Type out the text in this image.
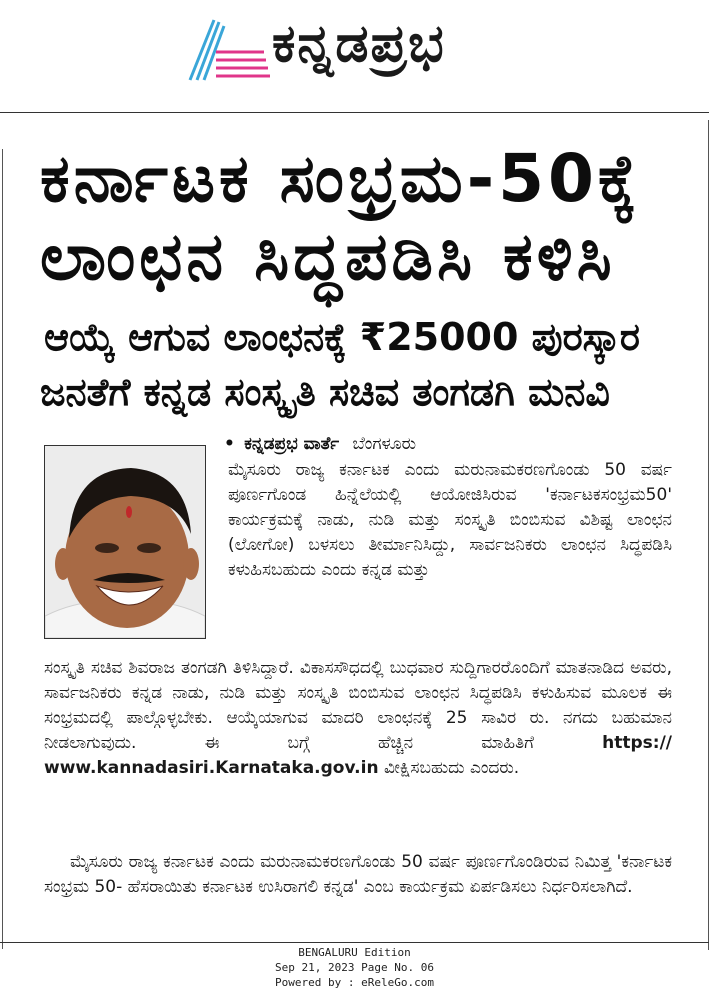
ಕನ್ನಡಪ್ರಭ
ಕರ್ನಾಟಕ ಸಂಭ್ರಮ-50ಕ್ಕೆ
ಲಾಂಛನ ಸಿದ್ಧಪಡಿಸಿ ಕಳಿಸಿ
ಆಯ್ಕೆ ಆಗುವ ಲಾಂಛನಕ್ಕೆ ₹25000 ಪುರಸ್ಕಾರ
ಜನತೆಗೆ ಕನ್ನಡ ಸಂಸ್ಕೃತಿ ಸಚಿವ ತಂಗಡಗಿ ಮನವಿ
• ಕನ್ನಡಪ್ರಭ ವಾರ್ತೆ ಬೆಂಗಳೂರು
ಮೈಸೂರು ರಾಜ್ಯ ಕರ್ನಾಟಕ ಎಂದು ಮರುನಾಮಕರಣಗೊಂಡು 50 ವರ್ಷ ಪೂರ್ಣಗೊಂಡ ಹಿನ್ನೆಲೆಯಲ್ಲಿ ಆಯೋಜಿಸಿರುವ 'ಕರ್ನಾಟಕಸಂಭ್ರಮ50' ಕಾರ್ಯಕ್ರಮಕ್ಕೆ ನಾಡು, ನುಡಿ ಮತ್ತು ಸಂಸ್ಕೃತಿ ಬಿಂಬಿಸುವ ವಿಶಿಷ್ಟ ಲಾಂಛನ (ಲೋಗೋ) ಬಳಸಲು ತೀರ್ಮಾನಿಸಿದ್ದು, ಸಾರ್ವಜನಿಕರು ಲಾಂಛನ ಸಿದ್ಧಪಡಿಸಿ ಕಳುಹಿಸಬಹುದು ಎಂದು ಕನ್ನಡ ಮತ್ತು
ಸಂಸ್ಕೃತಿ ಸಚಿವ ಶಿವರಾಜ ತಂಗಡಗಿ ತಿಳಿಸಿದ್ದಾರೆ. ವಿಕಾಸಸೌಧದಲ್ಲಿ ಬುಧವಾರ ಸುದ್ದಿಗಾರರೊಂದಿಗೆ ಮಾತನಾಡಿದ ಅವರು, ಸಾರ್ವಜನಿಕರು ಕನ್ನಡ ನಾಡು, ನುಡಿ ಮತ್ತು ಸಂಸ್ಕೃತಿ ಬಿಂಬಿಸುವ ಲಾಂಛನ ಸಿದ್ಧಪಡಿಸಿ ಕಳುಹಿಸುವ ಮೂಲಕ ಈ ಸಂಭ್ರಮದಲ್ಲಿ ಪಾಲ್ಗೊಳ್ಳಬೇಕು. ಆಯ್ಕೆಯಾಗುವ ಮಾದರಿ ಲಾಂಛನಕ್ಕೆ 25 ಸಾವಿರ ರು. ನಗದು ಬಹುಮಾನ ನೀಡಲಾಗುವುದು. ಈ ಬಗ್ಗೆ ಹೆಚ್ಚಿನ ಮಾಹಿತಿಗೆ	https:// www.kannadasiri.Karnataka.gov.in ವೀಕ್ಷಿಸಬಹುದು ಎಂದರು.
ಮೈಸೂರು ರಾಜ್ಯ ಕರ್ನಾಟಕ ಎಂದು ಮರುನಾಮಕರಣಗೊಂಡು 50 ವರ್ಷ ಪೂರ್ಣಗೊಂಡಿರುವ ನಿಮಿತ್ತ 'ಕರ್ನಾಟಕ ಸಂಭ್ರಮ 50- ಹೆಸರಾಯಿತು ಕರ್ನಾಟಕ ಉಸಿರಾಗಲಿ ಕನ್ನಡ' ಎಂಬ ಕಾರ್ಯಕ್ರಮ ಏರ್ಪಡಿಸಲು ನಿರ್ಧರಿಸಲಾಗಿದೆ.
BENGALURU Edition
Sep 21, 2023 Page No. 06
Powered by : eReleGo.com
